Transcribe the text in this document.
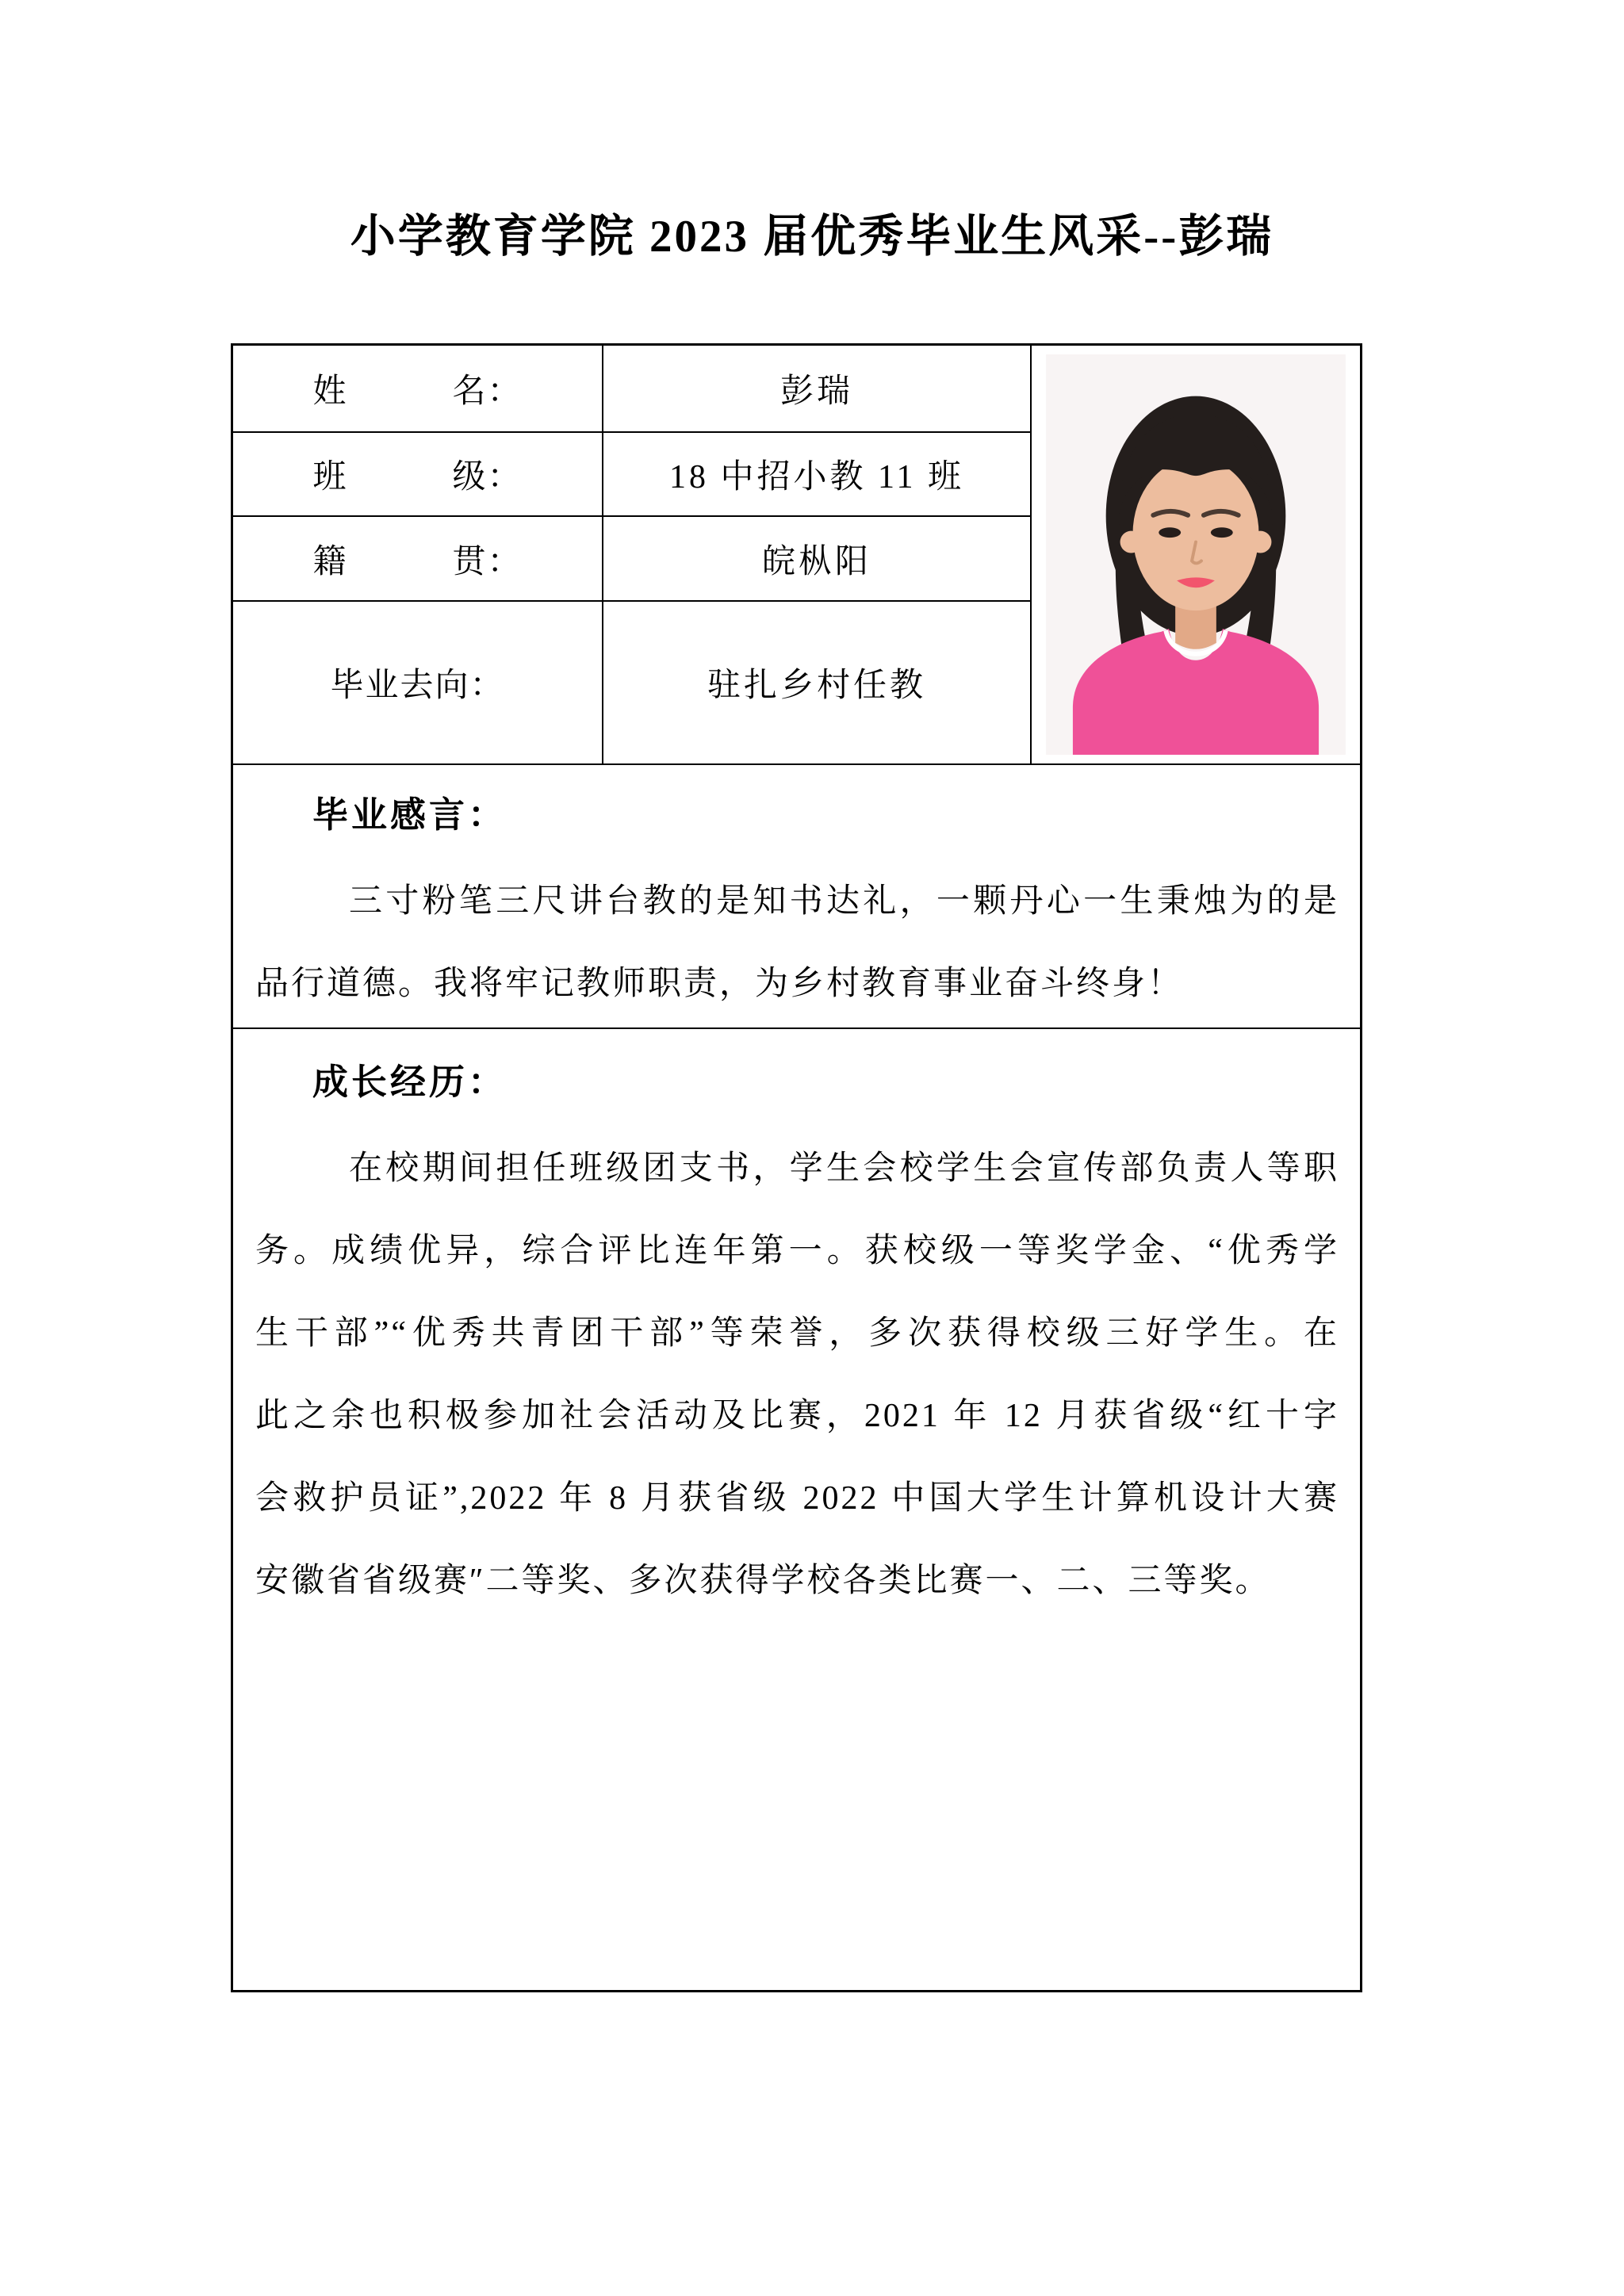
小学教育学院 2023 届优秀毕业生风采--彭瑞
姓　　　名：	彭瑞
班　　　级：	18 中招小教 11 班
籍　　　贯：	皖枞阳
毕业去向：	驻扎乡村任教
毕业感言：
三寸粉笔三尺讲台教的是知书达礼，一颗丹心一生秉烛为的是
品行道德。我将牢记教师职责，为乡村教育事业奋斗终身！
成长经历：
在校期间担任班级团支书，学生会校学生会宣传部负责人等职
务。成绩优异，综合评比连年第一。获校级一等奖学金、“优秀学
生干部”“优秀共青团干部”等荣誉，多次获得校级三好学生。在
此之余也积极参加社会活动及比赛，2021 年 12 月获省级“红十字
会救护员证”,2022 年 8 月获省级 2022 中国大学生计算机设计大赛
安徽省省级赛″二等奖、多次获得学校各类比赛一、二、三等奖。
